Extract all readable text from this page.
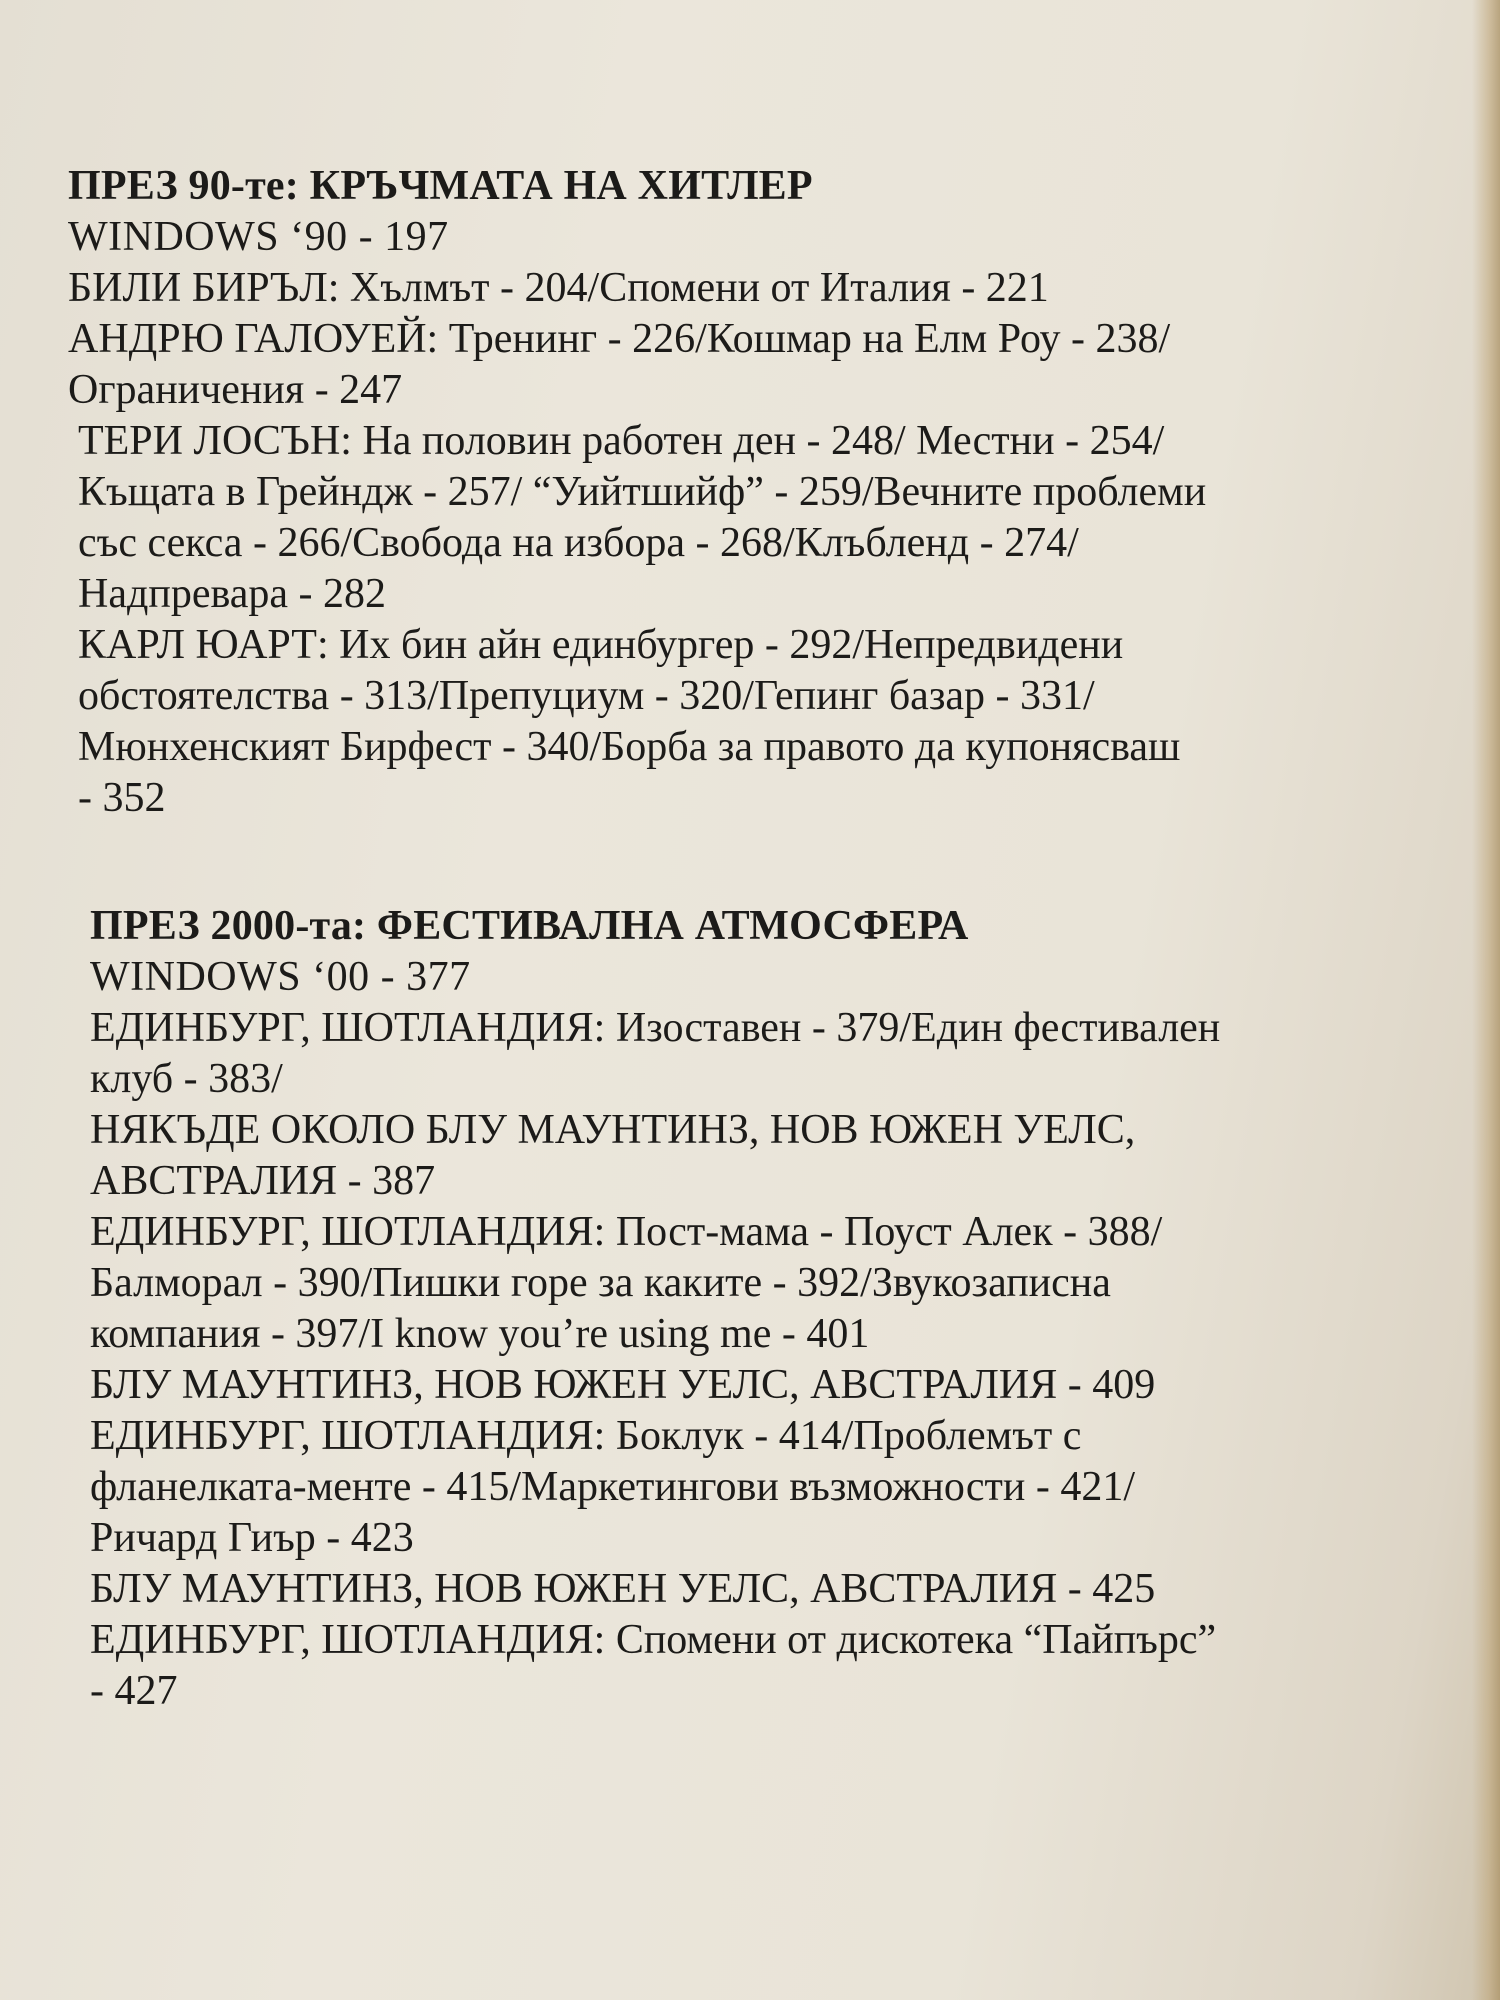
ПРЕЗ 90-те: КРЪЧМАТА НА ХИТЛЕР

WINDOWS ‘90 - 197

БИЛИ БИРЪЛ: Хълмът - 204/Спомени от Италия - 221

АНДРЮ ГАЛОУЕЙ: Тренинг - 226/Кошмар на Елм Роу - 238/

Ограничения - 247

ТЕРИ ЛОСЪН: На половин работен ден - 248/ Местни - 254/

Къщата в Грейндж - 257/ “Уийтшийф” - 259/Вечните проблеми

със секса - 266/Свобода на избора - 268/Клъбленд - 274/

Надпревара - 282

КАРЛ ЮАРТ: Их бин айн единбургер - 292/Непредвидени

обстоятелства - 313/Препуциум - 320/Гепинг базар - 331/

Мюнхенският Бирфест - 340/Борба за правото да купонясваш

- 352

ПРЕЗ 2000-та: ФЕСТИВАЛНА АТМОСФЕРА

WINDOWS ‘00 - 377

ЕДИНБУРГ, ШОТЛАНДИЯ: Изоставен - 379/Един фестивален

клуб - 383/

НЯКЪДЕ ОКОЛО БЛУ МАУНТИНЗ, НОВ ЮЖЕН УЕЛС,

АВСТРАЛИЯ - 387

ЕДИНБУРГ, ШОТЛАНДИЯ: Пост-мама - Поуст Алек - 388/

Балморал - 390/Пишки горе за каките - 392/Звукозаписна

компания - 397/I know you’re using me - 401

БЛУ МАУНТИНЗ, НОВ ЮЖЕН УЕЛС, АВСТРАЛИЯ - 409

ЕДИНБУРГ, ШОТЛАНДИЯ: Боклук - 414/Проблемът с

фланелката-менте - 415/Маркетингови възможности - 421/

Ричард Гиър - 423

БЛУ МАУНТИНЗ, НОВ ЮЖЕН УЕЛС, АВСТРАЛИЯ - 425

ЕДИНБУРГ, ШОТЛАНДИЯ: Спомени от дискотека “Пайпърс”

- 427
